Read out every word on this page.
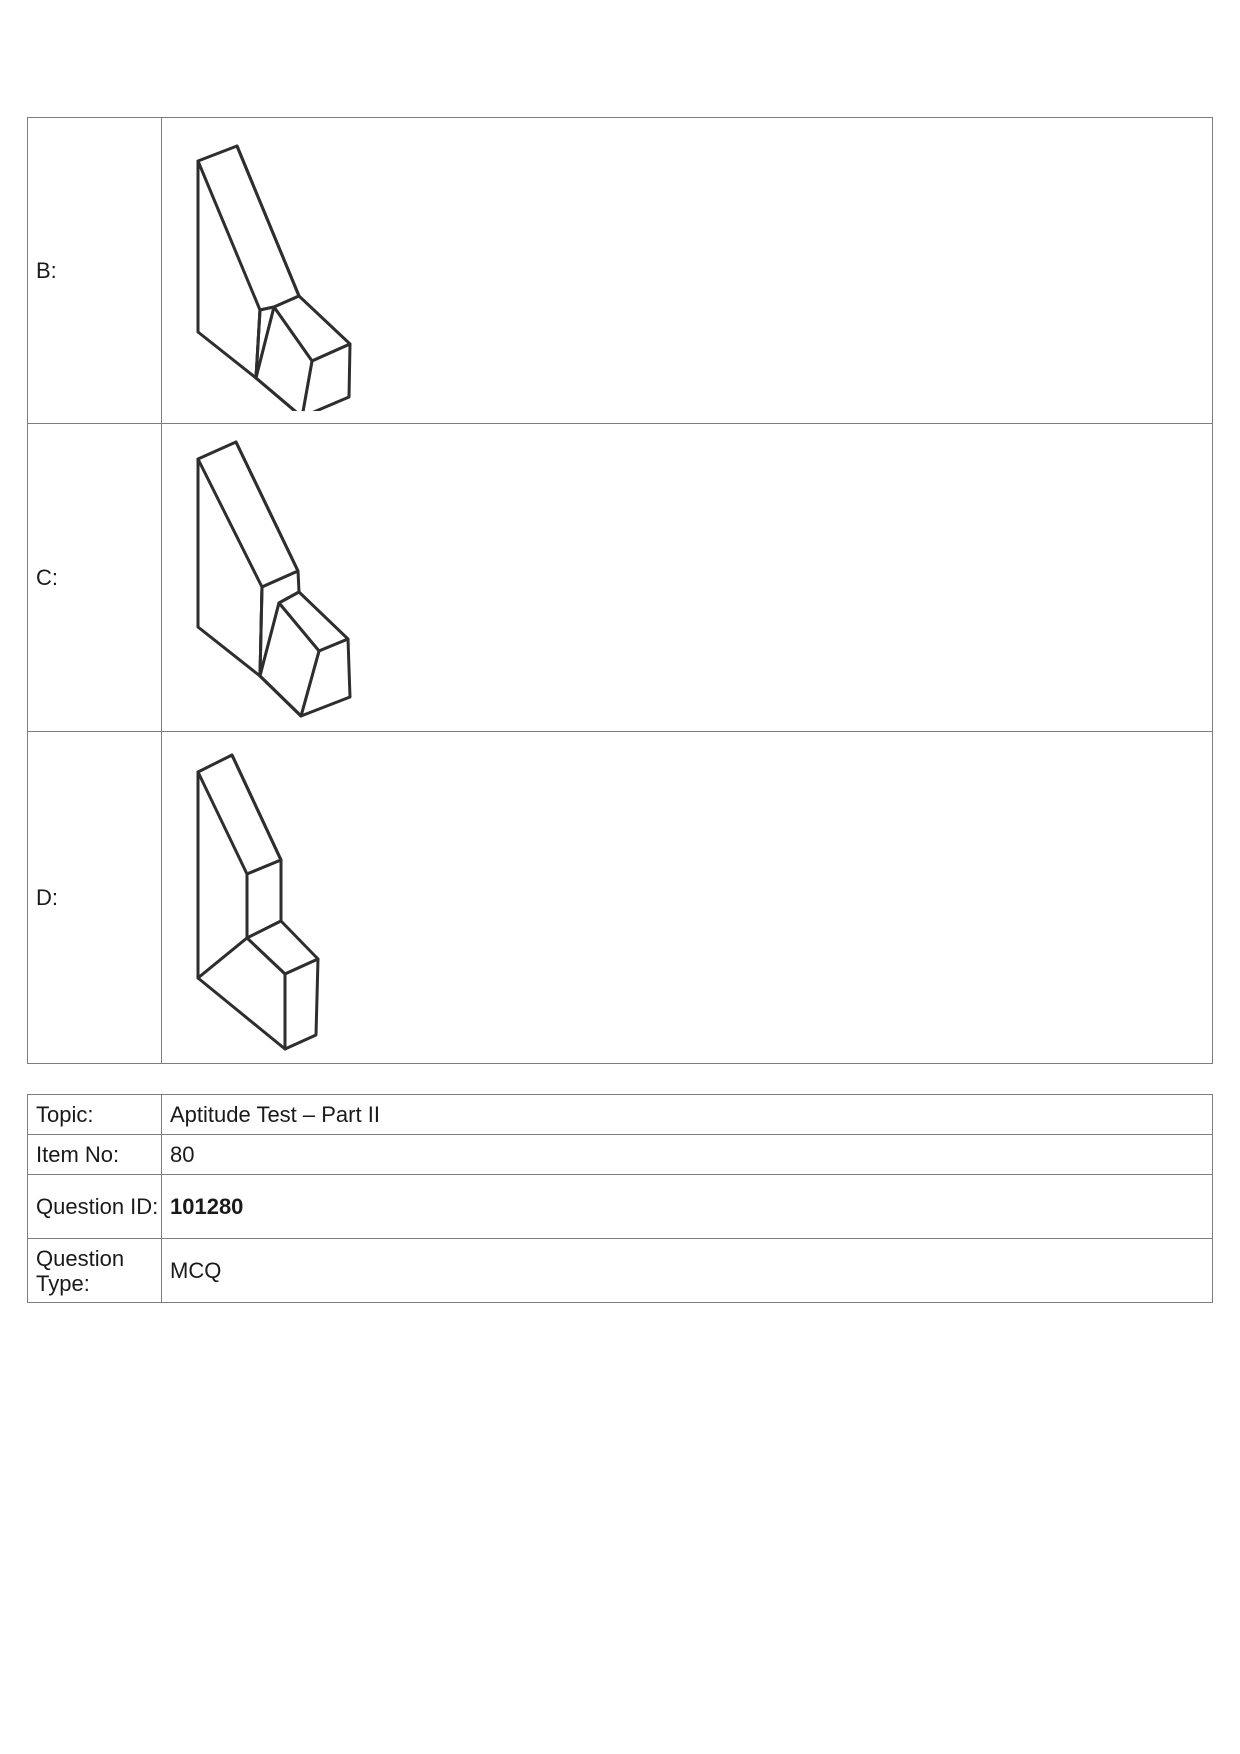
B:	

C:	

D:	
Topic:	Aptitude Test – Part II
Item No:	80
Question ID:	101280
Question Type:	MCQ
